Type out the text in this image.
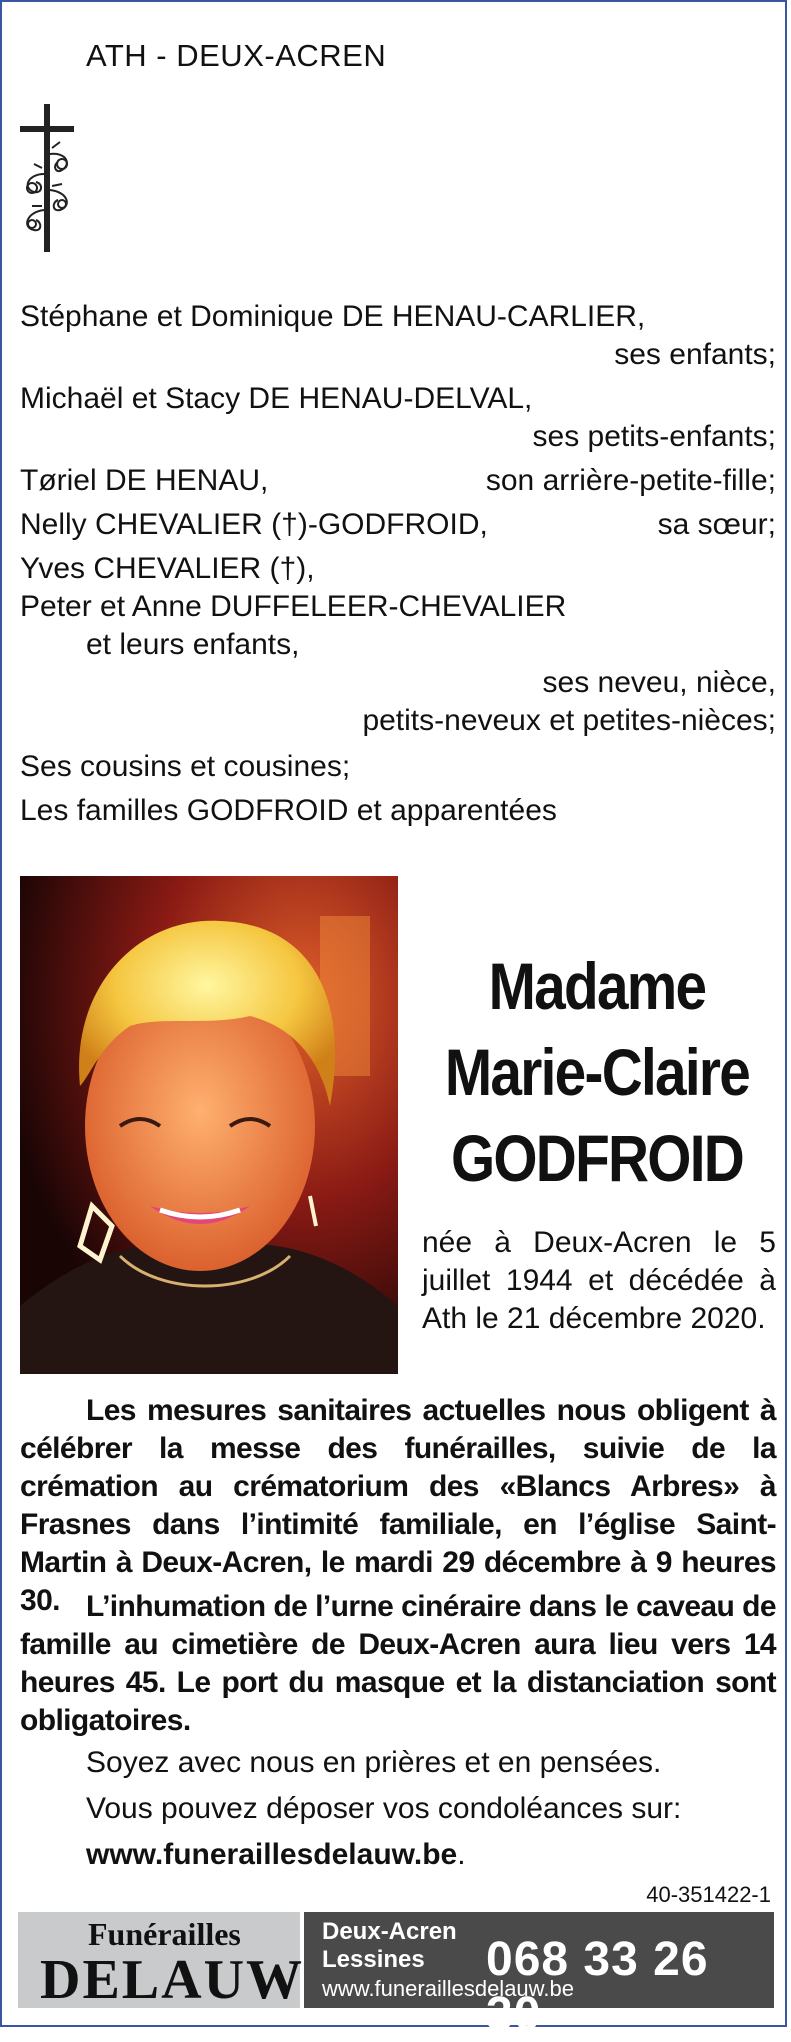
ATH - DEUX-ACREN
Stéphane et Dominique DE HENAU-CARLIER,
ses enfants;
Michaël et Stacy DE HENAU-DELVAL,
ses petits-enfants;
Tøriel DE HENAU,	son arrière-petite-fille;
Nelly CHEVALIER (†)-GODFROID,	sa sœur;
Yves CHEVALIER (†),
Peter et Anne DUFFELEER-CHEVALIER
et leurs enfants,
ses neveu, nièce,
petits-neveux et petites-nièces;
Ses cousins et cousines;
Les familles GODFROID et apparentées
Madame
Marie-Claire
GODFROID
née à Deux-Acren le 5 juillet 1944 et décédée à Ath le 21 décembre 2020.
Les mesures sanitaires actuelles nous obligent à célébrer la messe des funérailles, suivie de la crémation au crématorium des «Blancs Arbres» à Frasnes dans l’intimité familiale, en l’église Saint-Martin à Deux-Acren, le mardi 29 décembre à 9 heures 30. L’inhumation de l’urne cinéraire dans le caveau de famille au cimetière de Deux-Acren aura lieu vers 14 heures 45. Le port du masque et la distanciation sont obligatoires.
Soyez avec nous en prières et en pensées.
Vous pouvez déposer vos condoléances sur:
www.funeraillesdelauw.be.
40-351422-1
Funérailles
DELAUW
Deux-Acren
Lessines
www.funeraillesdelauw.be
068 33 26 30
